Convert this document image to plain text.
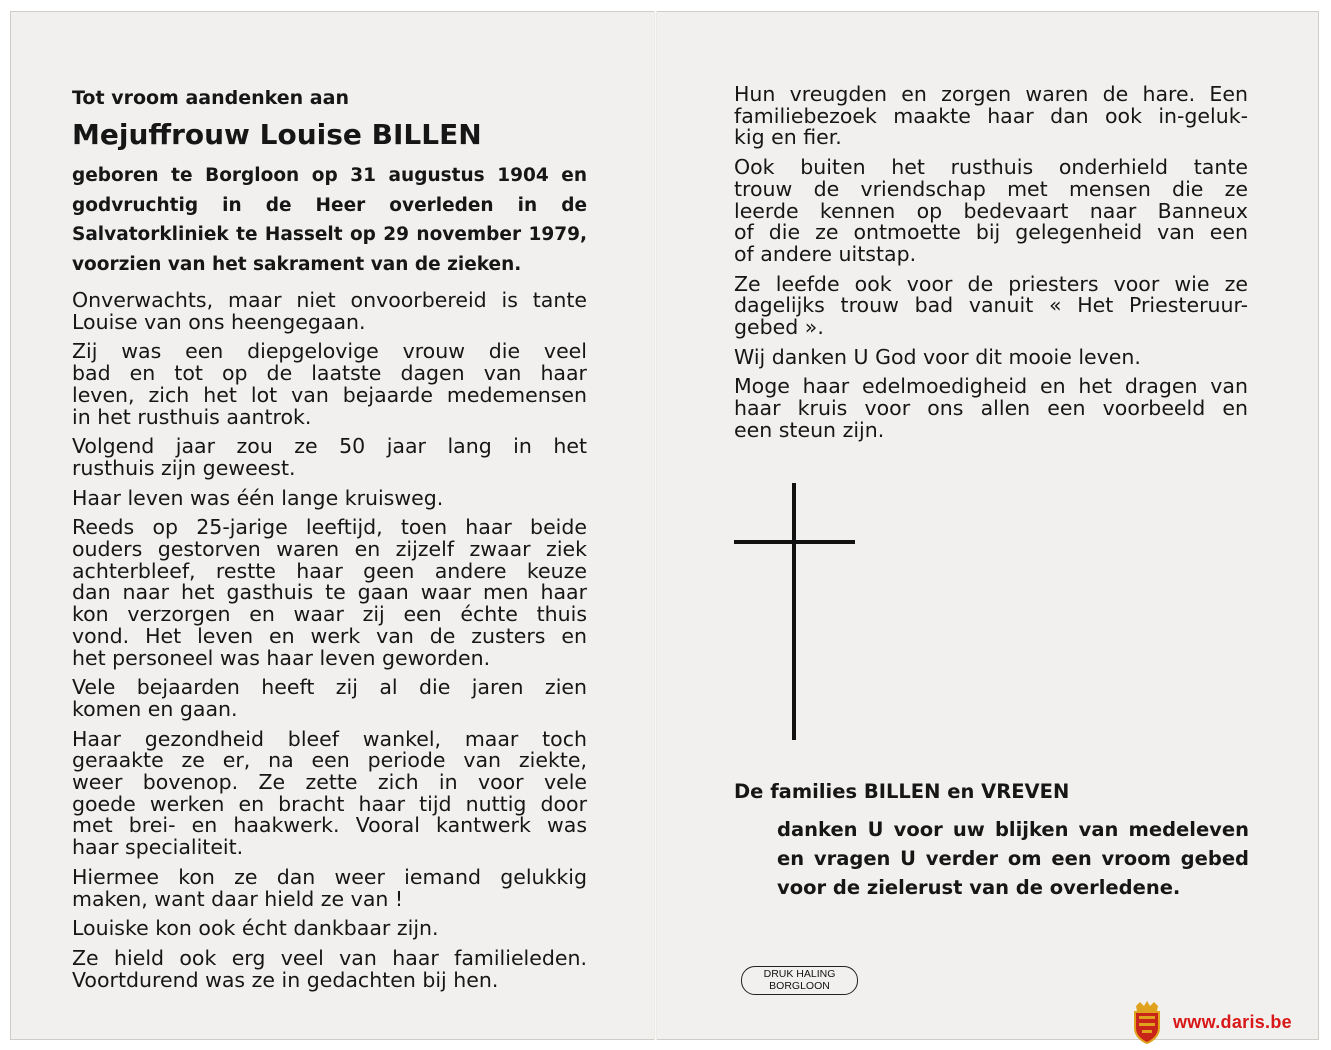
Tot vroom aandenken aan
Mejuffrouw Louise BILLEN

geboren te Borgloon op 31 augustus 1904 en

godvruchtig in de Heer overleden in de

Salvatorkliniek te Hasselt op 29 november 1979,

voorzien van het sakrament van de zieken.

Onverwachts, maar niet onvoorbereid is tante
Louise van ons heengegaan.
Zij was een diepgelovige vrouw die veel
bad en tot op de laatste dagen van haar
leven, zich het lot van bejaarde medemensen
in het rusthuis aantrok.
Volgend jaar zou ze 50 jaar lang in het
rusthuis zijn geweest.
Haar leven was één lange kruisweg.
Reeds op 25-jarige leeftijd, toen haar beide
ouders gestorven waren en zijzelf zwaar ziek
achterbleef, restte haar geen andere keuze
dan naar het gasthuis te gaan waar men haar
kon verzorgen en waar zij een échte thuis
vond. Het leven en werk van de zusters en
het personeel was haar leven geworden.
Vele bejaarden heeft zij al die jaren zien
komen en gaan.
Haar gezondheid bleef wankel, maar toch
geraakte ze er, na een periode van ziekte,
weer bovenop. Ze zette zich in voor vele
goede werken en bracht haar tijd nuttig door
met brei- en haakwerk. Vooral kantwerk was
haar specialiteit.
Hiermee kon ze dan weer iemand gelukkig
maken, want daar hield ze van !
Louiske kon ook écht dankbaar zijn.
Ze hield ook erg veel van haar familieleden.
Voortdurend was ze in gedachten bij hen.
Hun vreugden en zorgen waren de hare. Een
familiebezoek maakte haar dan ook in-geluk-
kig en fier.
Ook buiten het rusthuis onderhield tante
trouw de vriendschap met mensen die ze
leerde kennen op bedevaart naar Banneux
of die ze ontmoette bij gelegenheid van een
of andere uitstap.
Ze leefde ook voor de priesters voor wie ze
dagelijks trouw bad vanuit « Het Priesteruur-
gebed ».
Wij danken U God voor dit mooie leven.
Moge haar edelmoedigheid en het dragen van
haar kruis voor ons allen een voorbeeld en
een steun zijn.
De families BILLEN en VREVEN
danken U voor uw blijken van medeleven
en vragen U verder om een vroom gebed
voor de zielerust van de overledene.
DRUK HALING
BORGLOON
www.daris.be
